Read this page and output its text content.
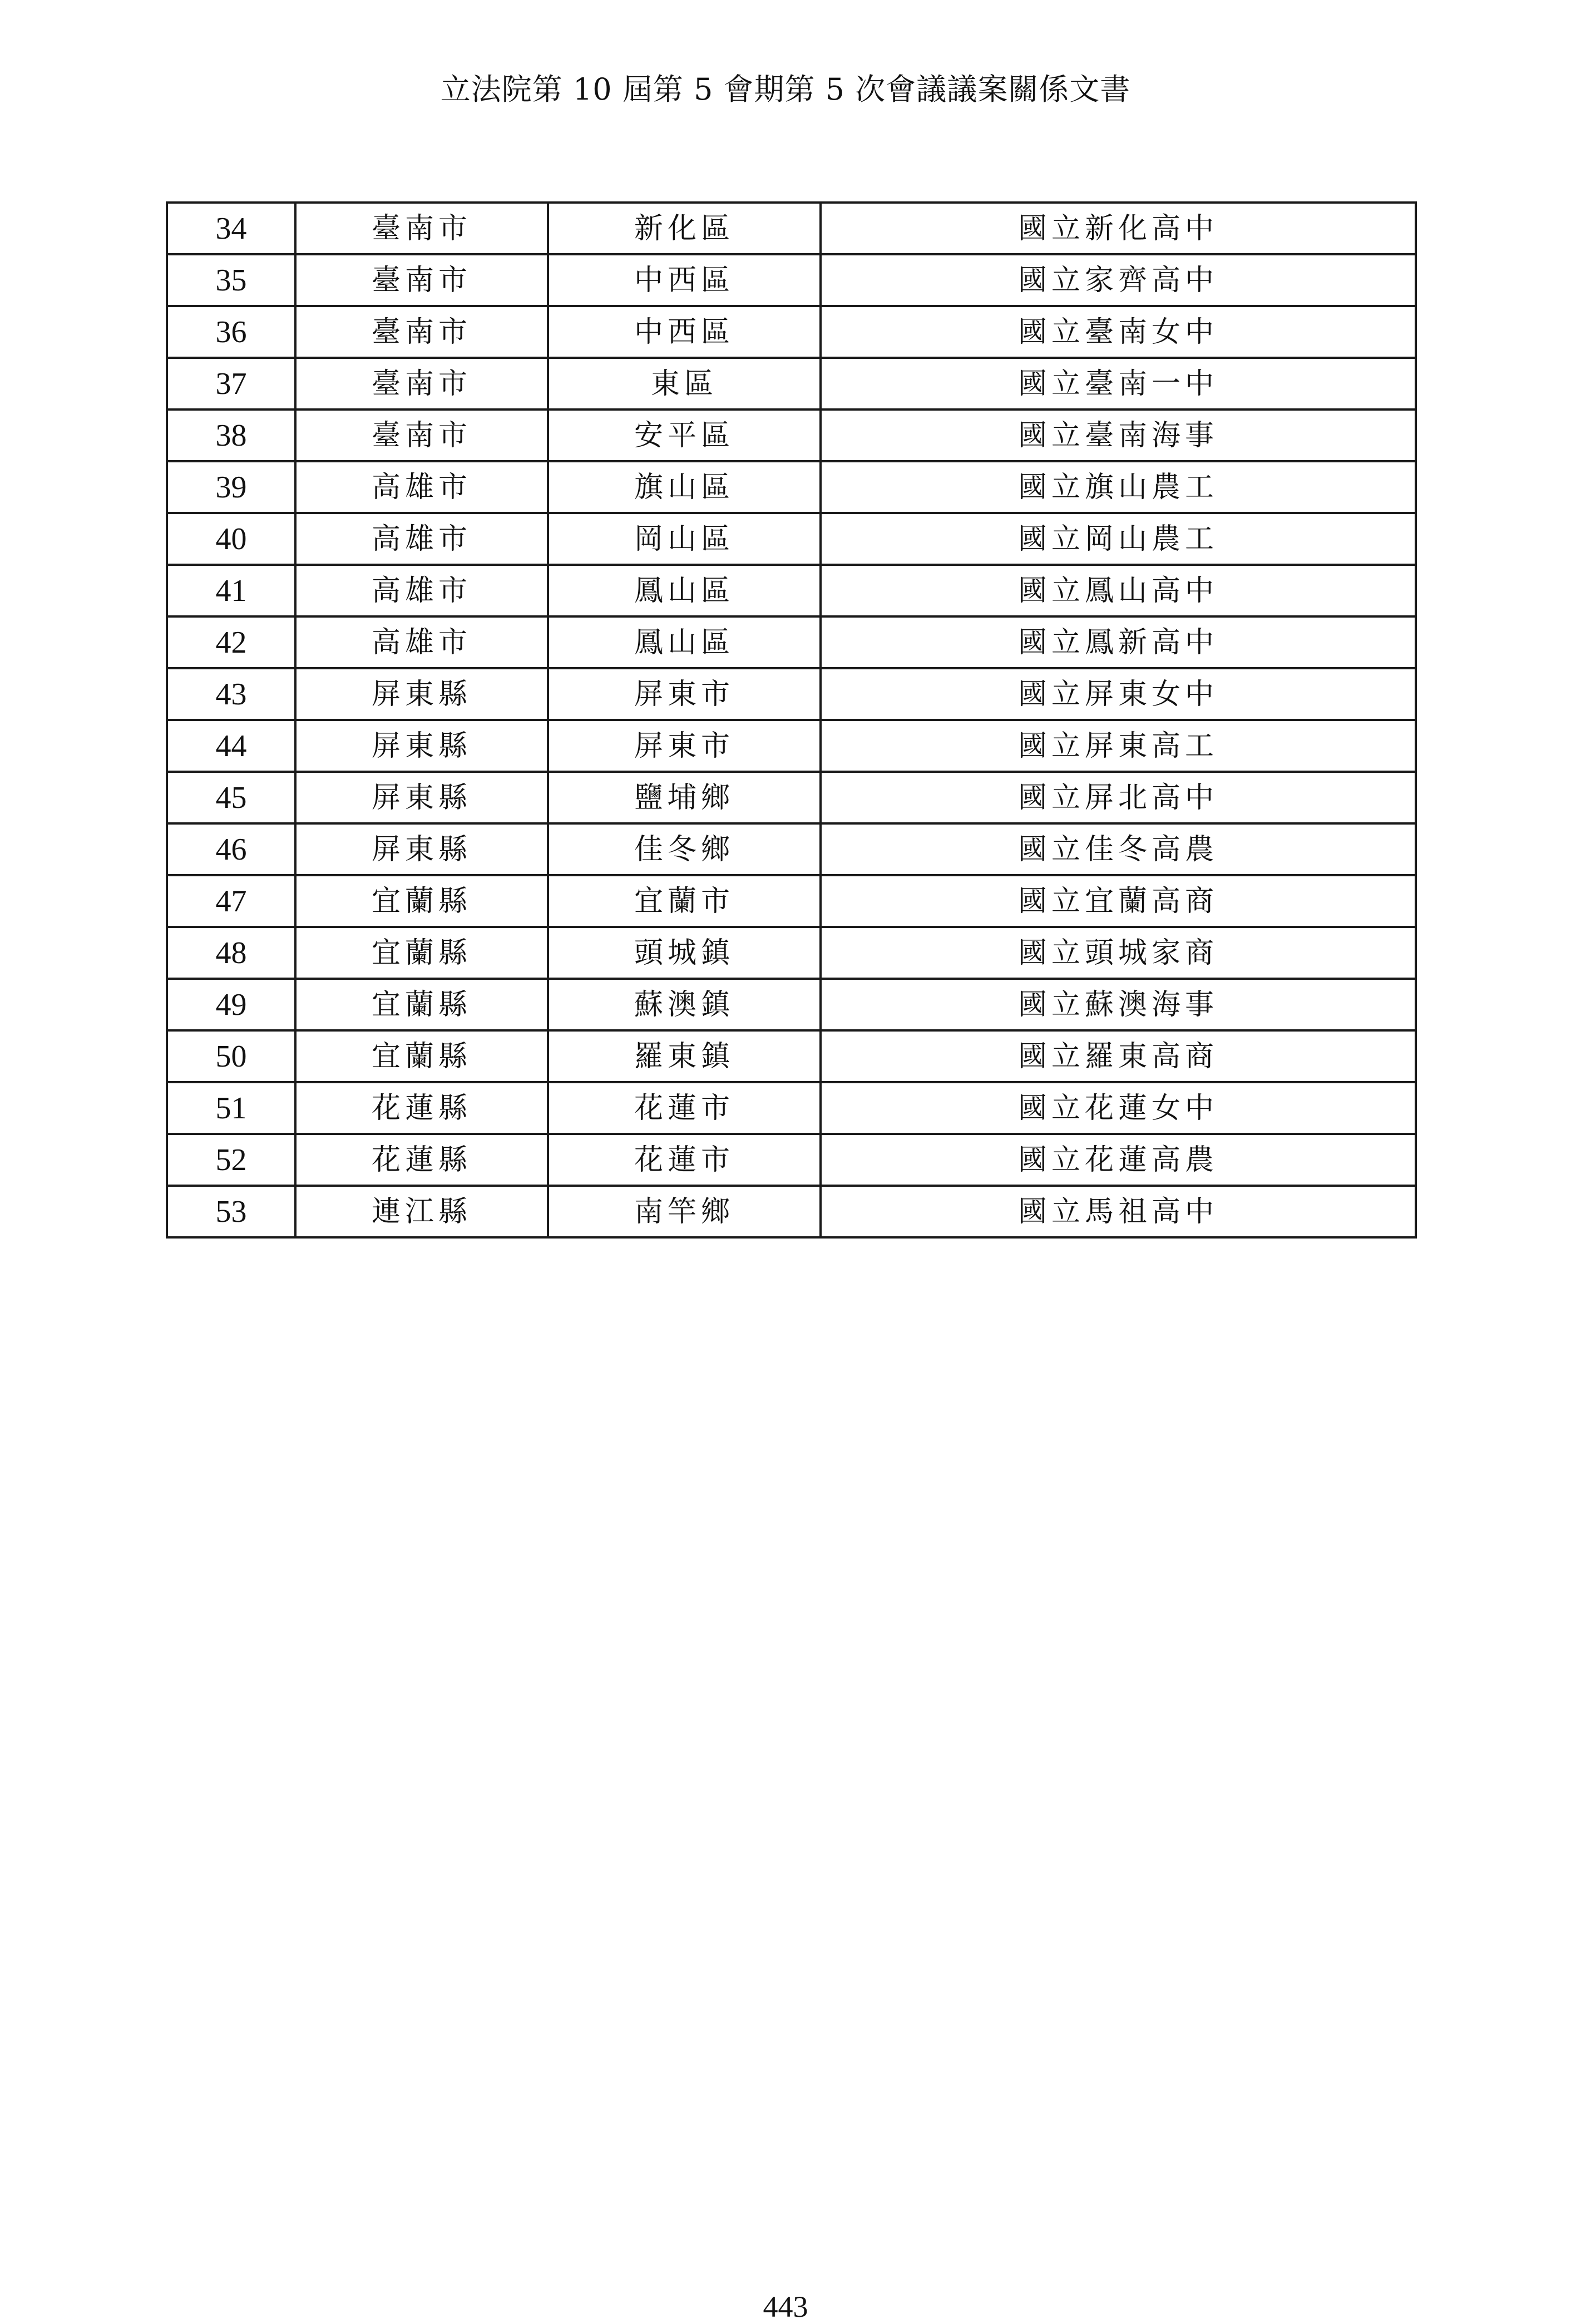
立法院第 10 屆第 5 會期第 5 次會議議案關係文書
34	臺南市	新化區	國立新化高中
35	臺南市	中西區	國立家齊高中
36	臺南市	中西區	國立臺南女中
37	臺南市	東區	國立臺南一中
38	臺南市	安平區	國立臺南海事
39	高雄市	旗山區	國立旗山農工
40	高雄市	岡山區	國立岡山農工
41	高雄市	鳳山區	國立鳳山高中
42	高雄市	鳳山區	國立鳳新高中
43	屏東縣	屏東市	國立屏東女中
44	屏東縣	屏東市	國立屏東高工
45	屏東縣	鹽埔鄉	國立屏北高中
46	屏東縣	佳冬鄉	國立佳冬高農
47	宜蘭縣	宜蘭市	國立宜蘭高商
48	宜蘭縣	頭城鎮	國立頭城家商
49	宜蘭縣	蘇澳鎮	國立蘇澳海事
50	宜蘭縣	羅東鎮	國立羅東高商
51	花蓮縣	花蓮市	國立花蓮女中
52	花蓮縣	花蓮市	國立花蓮高農
53	連江縣	南竿鄉	國立馬祖高中
443
